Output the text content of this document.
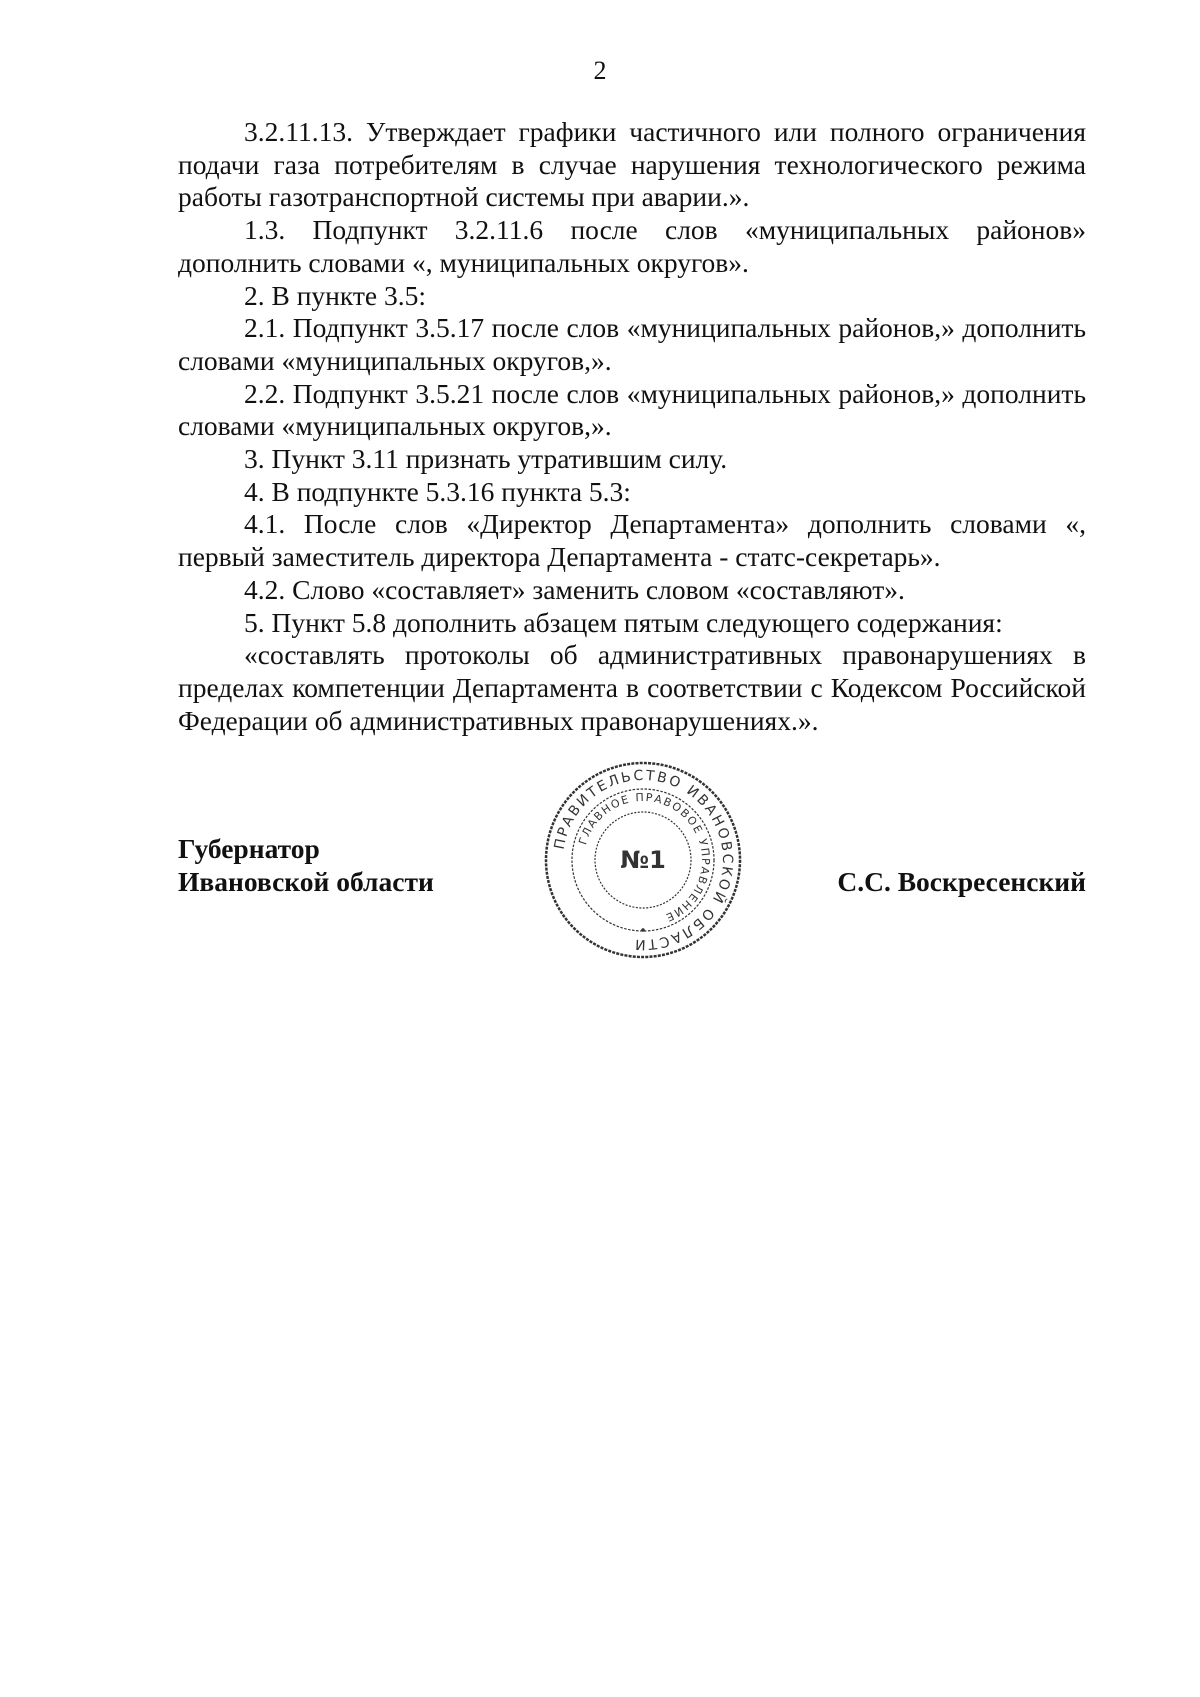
2

3.2.11.13. Утверждает графики частичного или полного ограничения подачи газа потребителям в случае нарушения технологического режима работы газотранспортной системы при аварии.».

1.3. Подпункт 3.2.11.6 после слов «муниципальных районов» дополнить словами «, муниципальных округов».

2. В пункте 3.5:

2.1. Подпункт 3.5.17 после слов «муниципальных районов,» дополнить словами «муниципальных округов,».

2.2. Подпункт 3.5.21 после слов «муниципальных районов,» дополнить словами «муниципальных округов,».

3. Пункт 3.11 признать утратившим силу.

4. В подпункте 5.3.16 пункта 5.3:

4.1. После слов «Директор Департамента» дополнить словами «, первый заместитель директора Департамента - статс-секретарь».

4.2. Слово «составляет» заменить словом «составляют».

5. Пункт 5.8 дополнить абзацем пятым следующего содержания:

«составлять протоколы об административных правонарушениях в пределах компетенции Департамента в соответствии с Кодексом Российской Федерации об административных правонарушениях.».

Губернатор
Ивановской области	С.С. Воскресенский
ПРАВИТЕЛЬСТВО ИВАНОВСКОЙ ОБЛАСТИ
ГЛАВНОЕ ПРАВОВОЕ УПРАВЛЕНИЕ
№1
